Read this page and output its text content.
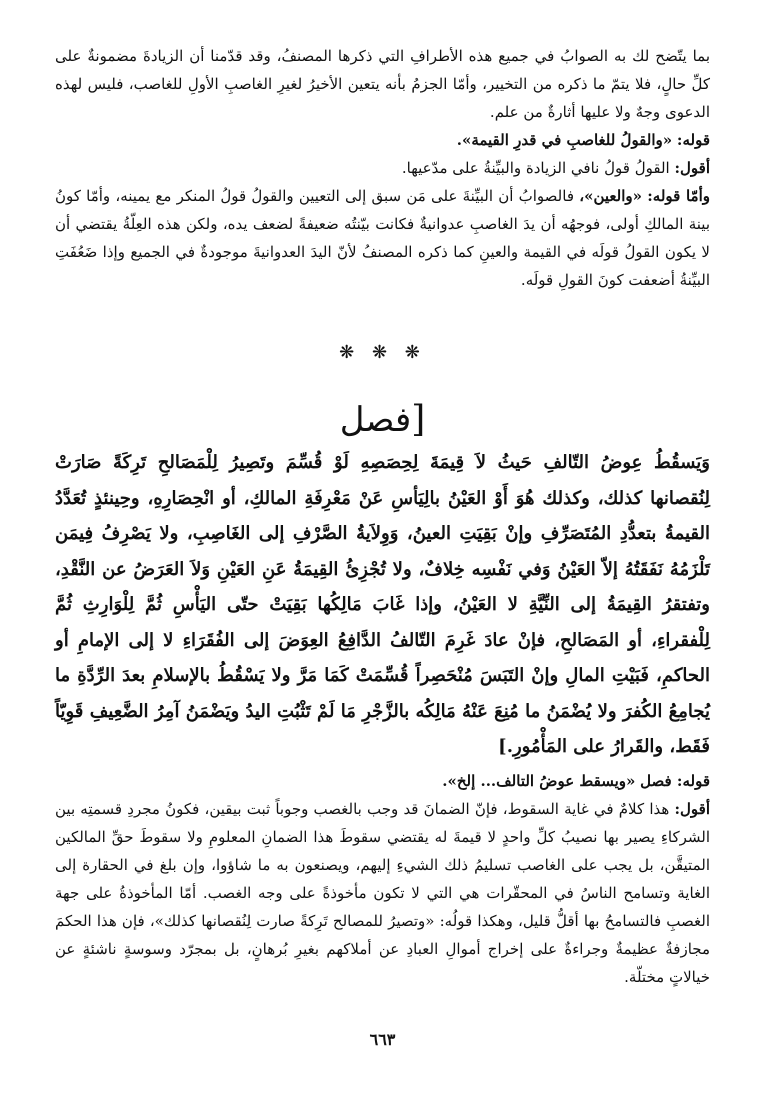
بما يتّضح لك به الصوابُ في جميع هذه الأطرافِ التي ذكرها المصنفُ، وقد قدّمنا أن الزيادةَ مضمونةٌ على كلِّ حالٍ، فلا يتمّ ما ذكره من التخيير، وأمّا الجزمُ بأنه يتعين الأخيرُ لغيرِ الغاصبِ الأولِ للغاصب، فليس لهذه الدعوى وجهٌ ولا عليها أثارةٌ من علم.

قوله: «والقولُ للغاصبِ في قدرِ القيمة».

أقول: القولُ قولُ نافي الزيادة والبيِّنةُ على مدّعيها.

وأمّا قوله: «والعين»، فالصوابُ أن البيِّنةَ على مَن سبق إلى التعيين والقولُ قولُ المنكر مع يمينه، وأمّا كونُ بينة المالكِ أولى، فوجهُه أن يدَ الغاصبِ عدوانيةٌ فكانت بيّنتُه ضعيفةً لضعف يده، ولكن هذه العِلّةُ يقتضي أن لا يكون القولُ قولَه في القيمة والعينِ كما ذكره المصنفُ لأنّ اليدَ العدوانيةَ موجودةٌ في الجميع وإذا ضَعُفَتِ البيِّنةُ أضعفت كونَ القولِ قولَه.

❋ ❋ ❋
[فصل

وَيَسقُطُ عِوضُ التّالفِ حَيثُ لاَ قِيمَةَ لِحِصَصِهِ لَوْ قُسِّمَ وتَصِيرُ لِلْمَصَالحِ تَرِكَةً صَارَتْ لِنُقصانها كذلك، وكذلك هُوَ أَوْ العَيْنُ بالِيَأسِ عَنْ مَعْرِفَةِ المالكِ، أو انْحِصَارِهِ، وحِينئذٍ تُعَدَّدُ القيمةُ بتعدُّدِ المُتَصَرِّفِ وإنْ بَقِيَتِ العينُ، وَوِلاَيةُ الصَّرْفِ إلى الغَاصِبِ، ولا يَصْرِفُ فِيمَن تَلْزَمُهُ نَفَقَتُهُ إلاّ العَيْنُ وَفي نَفْسِه خِلافٌ، ولا تُجْزِئُ القِيمَةُ عَنِ العَيْنِ وَلاَ العَرَضُ عن النَّقْدِ، وتفتقرُ القِيمَةُ إلى النِّيَّةِ لا العَيْنُ، وإذا غَابَ مَالِكُها بَقِيَتْ حتّى اليَأْسِ ثُمَّ لِلْوَارِثِ ثُمَّ لِلْفقراءِ، أو المَصَالحِ، فإنْ عادَ غَرِمَ التّالفُ الدَّافِعُ العِوَضَ إلى الفُقَرَاءِ لا إلى الإمامِ أو الحاكمِ، فَبَيْتِ المالِ وإنْ التَبَسَ مُنْحَصِراً قُسِّمَتْ كَمَا مَرَّ ولا يَسْقُطُ بالإسلامِ بعدَ الرِّدَّةِ ما يُجامِعُ الكُفرَ ولا يُضْمَنُ ما مُنِعَ عَنْهُ مَالِكُه بالزَّجْرِ مَا لَمْ تَثْبُتِ اليدُ ويَضْمَنُ آمِرُ الضَّعِيفِ قَوِيّاً فَقَط، والقَرارُ على المَأْمُورِ.]

قوله: فصل «ويسقط عوضُ التالف... إلخ».

أقول: هذا كلامٌ في غاية السقوط، فإنّ الضمانَ قد وجب بالغصب وجوباً ثبت بيقين، فكونُ مجردِ قسمتِه بين الشركاءِ يصير بها نصيبُ كلِّ واحدٍ لا قيمةَ له يقتضي سقوطَ هذا الضمانِ المعلومِ ولا سقوطَ حقِّ المالكين المتيقَّن، بل يجب على الغاصب تسليمُ ذلك الشيءِ إليهم، ويصنعون به ما شاؤوا، وإن بلغ في الحقارة إلى الغاية وتسامح الناسُ في المحقّرات هي التي لا تكون مأخوذةً على وجه الغصب. أمّا المأخوذةُ على جهة الغصبِ فالتسامحُ بها أقلُّ قليل، وهكذا قولُه: «وتصيرُ للمصالح تَرِكةً صارت لِنُقصانها كذلك»، فإن هذا الحكمَ مجازفةٌ عظيمةٌ وجراءةٌ على إخراج أموالِ العبادِ عن أملاكهم بغيرِ بُرهانٍ، بل بمجرّد وسوسةٍ ناشئةٍ عن خيالاتٍ مختلّة.

٦٦٣
